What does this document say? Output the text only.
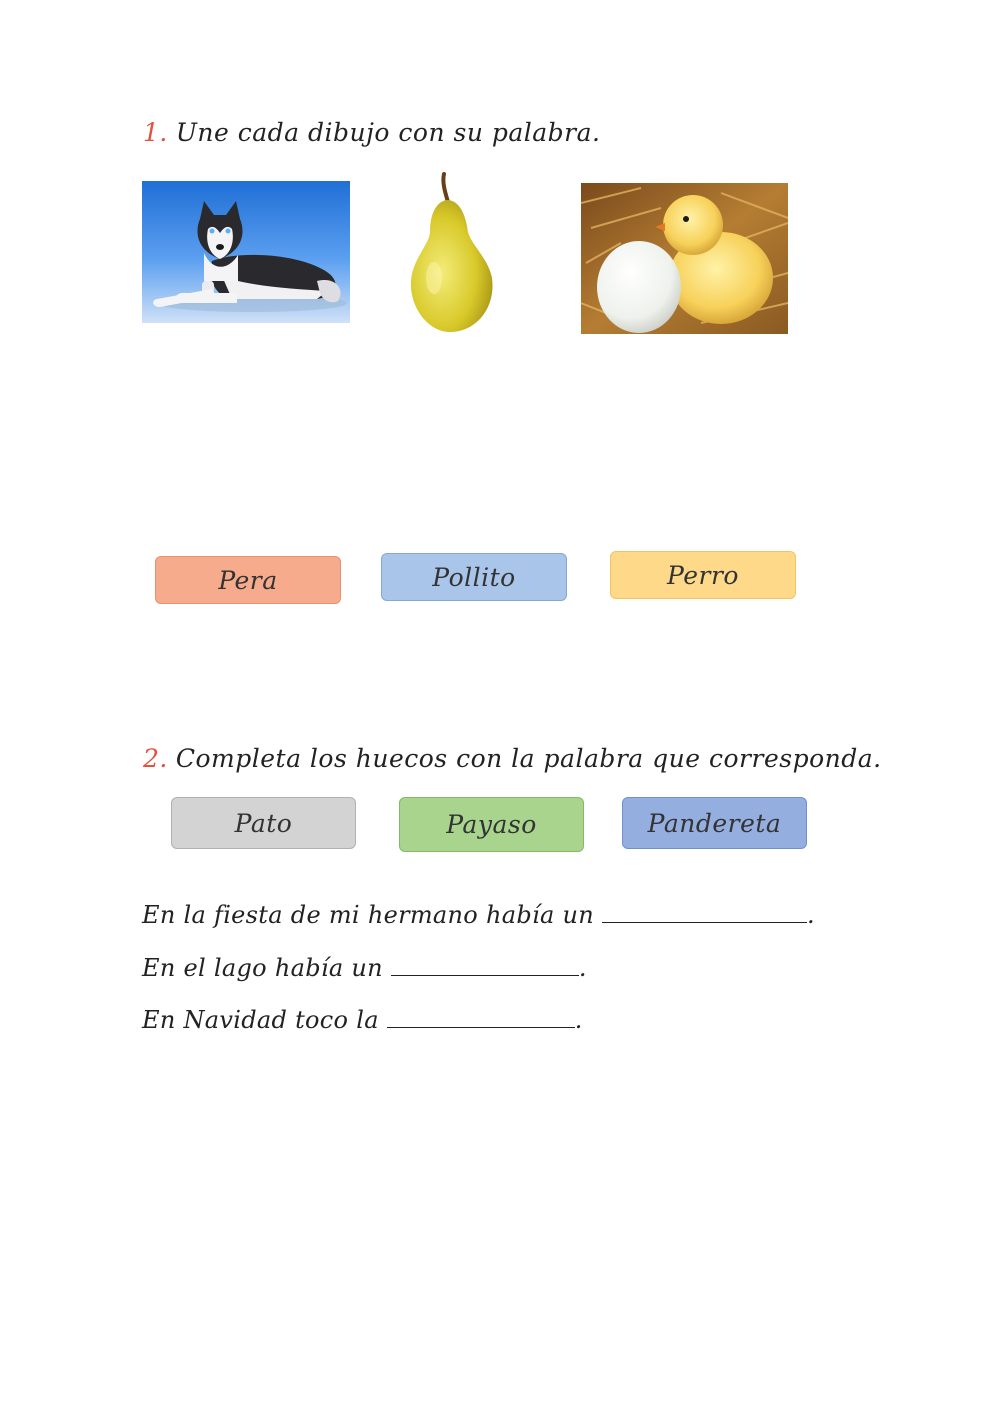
1. Une cada dibujo con su palabra.
Pera	Pollito	Perro
2. Completa los huecos con la palabra que corresponda.
Pato	Payaso	Pandereta
En la fiesta de mi hermano había un	.
En el lago había un	.
En Navidad toco la	.
